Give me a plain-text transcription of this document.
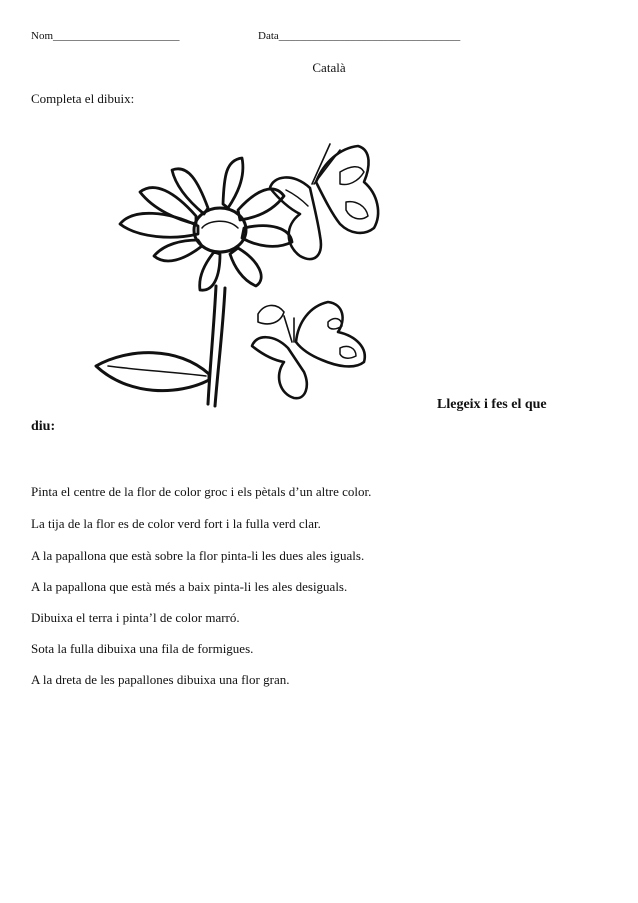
Nom_______________________	Data_________________________________
Català
Completa el dibuix:
Llegeix i fes el que
diu:
Pinta el centre de la flor de color groc i els pètals d’un altre color.
La tija de la flor es de color verd fort i la fulla verd clar.
A la papallona que està sobre la flor pinta-li les dues ales iguals.
A la papallona que està més a baix pinta-li les ales desiguals.
Dibuixa el terra i pinta’l de color marró.
Sota la fulla dibuixa una fila de formigues.
A la dreta de les papallones dibuixa una flor gran.
